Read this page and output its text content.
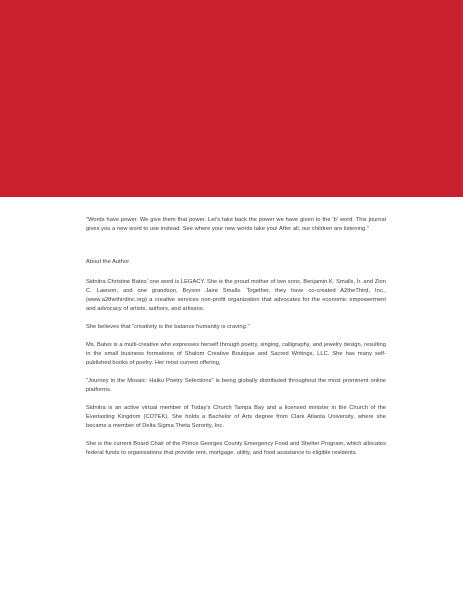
"Words have power. We give them that power. Let's take back the power we have given to the 'b' word. This journal gives you a new word to use instead. See where your new words take you! After all, our children are listening."

About the Author

Sidnitra Christine Bates' one word is LEGACY. She is the proud mother of two sons, Benjamin K. Smalls, Ir. and Zion C. Lawson, and one grandson, Bryson Jaire Smalls. Together, they have co-created A2theThird, Inc., (www.a2thethirdinc.org) a creative services non-profit organization that advocates for the economic empowerment and advocacy of artists, authors, and artisans.

She believes that "creativity is the balance humanity is craving."

Ms. Bates is a multi-creative who expresses herself through poetry, singing, calligraphy, and jewelry design, resulting in the small business formations of Shalom Creative Boutique and Sacred Writings, LLC. She has many self-published books of poetry. Her most current offering,

"Journey in the Mosaic: Haiku Poetry Selections" is being globally distributed throughout the most prominent online platforms.

Sidnitra is an active virtual member of Today's Church Tampa Bay and a licensed minister in the Church of the Everlasting Kingdom (COTEK). She holds a Bachelor of Arts degree from Clark Atlanta University, where she became a member of Delta Sigma Theta Sorority, Inc.

She is the current Board Chair of the Prince Georges County Emergency Food and Shelter Program, which allocates federal funds to organizations that provide rent, mortgage, utility, and food assistance to eligible residents.
